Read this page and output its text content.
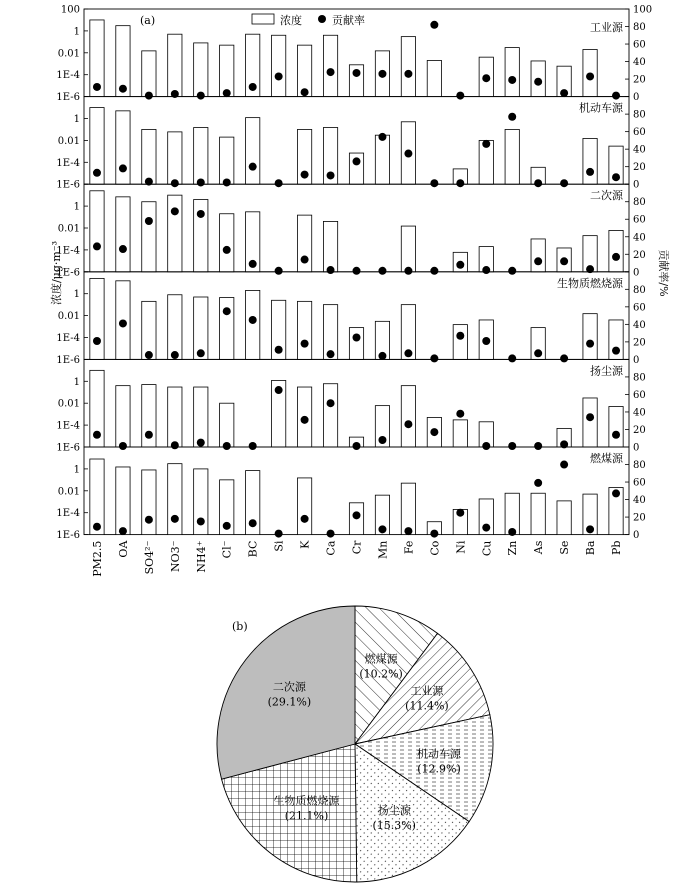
1E-6
1E-4
0.01
1
100
0
20
40
60
80
100
工业源
1E-6
1E-4
0.01
1
0
20
40
60
80
机动车源
1E-6
1E-4
0.01
1
0
20
40
60
80
二次源
1E-6
1E-4
0.01
1
0
20
40
60
80
生物质燃烧源
1E-6
1E-4
0.01
1
0
20
40
60
80
扬尘源
1E-6
1E-4
0.01
1
0
20
40
60
80
燃煤源
PM2.5 OA SO4²⁻ NO3⁻ NH4⁺ Cl⁻ BC Si K Ca Cr Mn Fe Co Ni Cu Zn As Se Ba Pb
浓度/μg·m⁻³	贡献率/%
(a)	浓度	贡献率
燃煤源
(10.2%)
工业源
(11.4%)
机动车源
(12.9%)
扬尘源
(15.3%)
生物质燃烧源
(21.1%)
二次源
(29.1%)
(b)
